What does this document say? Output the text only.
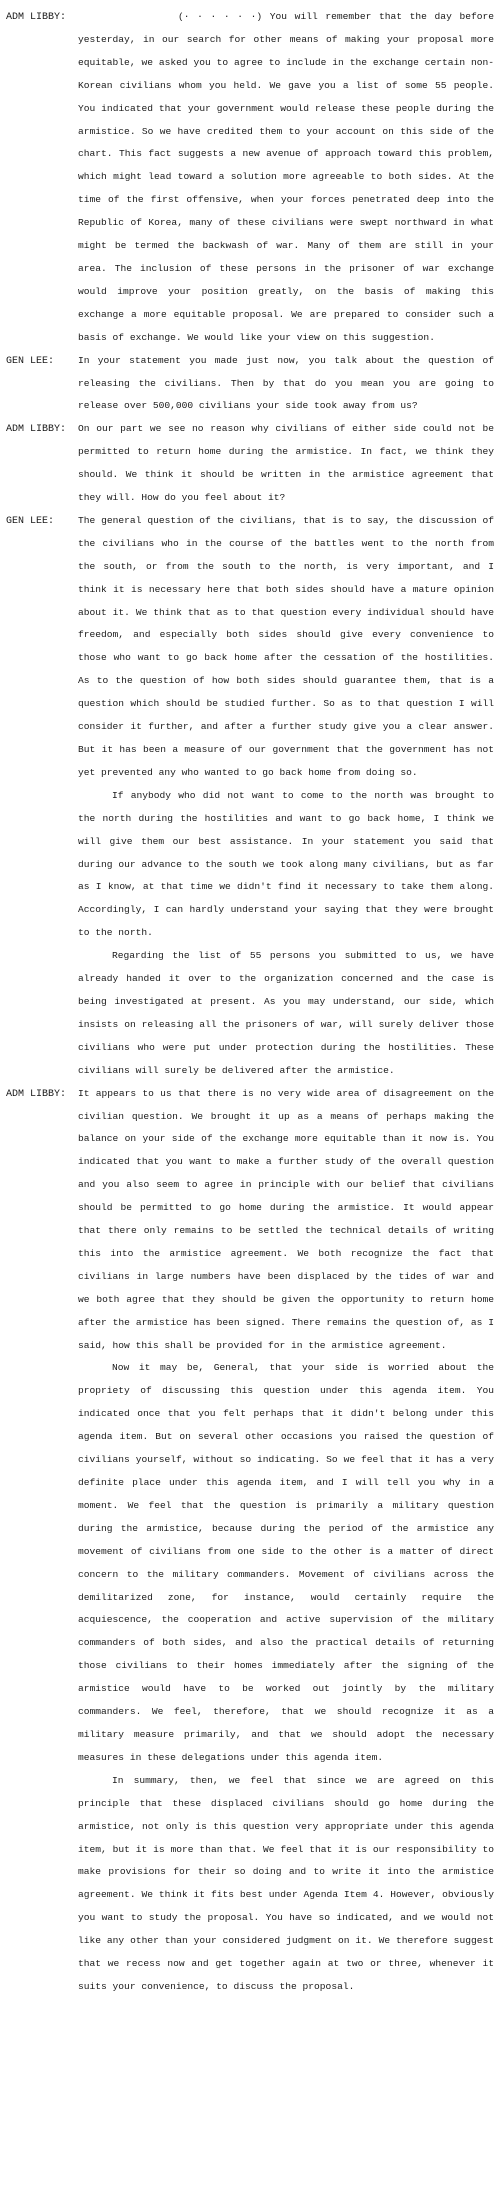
ADM LIBBY:	(· · · · · ·) You will remember that the day before yesterday, in our search for other means of making your proposal more equitable, we asked you to agree to include in the exchange certain non-Korean civilians whom you held. We gave you a list of some 55 people. You indicated that your government would release these people during the armistice. So we have credited them to your account on this side of the chart. This fact suggests a new avenue of approach toward this problem, which might lead toward a solution more agreeable to both sides. At the time of the first offensive, when your forces penetrated deep into the Republic of Korea, many of these civilians were swept northward in what might be termed the backwash of war. Many of them are still in your area. The inclusion of these persons in the prisoner of war exchange would improve your position greatly, on the basis of making this exchange a more equitable proposal. We are prepared to consider such a basis of exchange. We would like your view on this suggestion.

GEN LEE:	In your statement you made just now, you talk about the question of releasing the civilians. Then by that do you mean you are going to release over 500,000 civilians your side took away from us?

ADM LIBBY:	On our part we see no reason why civilians of either side could not be permitted to return home during the armistice. In fact, we think they should. We think it should be written in the armistice agreement that they will. How do you feel about it?

GEN LEE:	The general question of the civilians, that is to say, the discussion of the civilians who in the course of the battles went to the north from the south, or from the south to the north, is very important, and I think it is necessary here that both sides should have a mature opinion about it. We think that as to that question every individual should have freedom, and especially both sides should give every convenience to those who want to go back home after the cessation of the hostilities. As to the question of how both sides should guarantee them, that is a question which should be studied further. So as to that question I will consider it further, and after a further study give you a clear answer. But it has been a measure of our government that the government has not yet prevented any who wanted to go back home from doing so.

If anybody who did not want to come to the north was brought to the north during the hostilities and want to go back home, I think we will give them our best assistance. In your statement you said that during our advance to the south we took along many civilians, but as far as I know, at that time we didn't find it necessary to take them along. Accordingly, I can hardly understand your saying that they were brought to the north.

Regarding the list of 55 persons you submitted to us, we have already handed it over to the organization concerned and the case is being investigated at present. As you may understand, our side, which insists on releasing all the prisoners of war, will surely deliver those civilians who were put under protection during the hostilities. These civilians will surely be delivered after the armistice.

ADM LIBBY:	It appears to us that there is no very wide area of disagreement on the civilian question. We brought it up as a means of perhaps making the balance on your side of the exchange more equitable than it now is. You indicated that you want to make a further study of the overall question and you also seem to agree in principle with our belief that civilians should be permitted to go home during the armistice. It would appear that there only remains to be settled the technical details of writing this into the armistice agreement. We both recognize the fact that civilians in large numbers have been displaced by the tides of war and we both agree that they should be given the opportunity to return home after the armistice has been signed. There remains the question of, as I said, how this shall be provided for in the armistice agreement.

Now it may be, General, that your side is worried about the propriety of discussing this question under this agenda item. You indicated once that you felt perhaps that it didn't belong under this agenda item. But on several other occasions you raised the question of civilians yourself, without so indicating. So we feel that it has a very definite place under this agenda item, and I will tell you why in a moment. We feel that the question is primarily a military question during the armistice, because during the period of the armistice any movement of civilians from one side to the other is a matter of direct concern to the military commanders. Movement of civilians across the demilitarized zone, for instance, would certainly require the acquiescence, the cooperation and active supervision of the military commanders of both sides, and also the practical details of returning those civilians to their homes immediately after the signing of the armistice would have to be worked out jointly by the military commanders. We feel, therefore, that we should recognize it as a military measure primarily, and that we should adopt the necessary measures in these delegations under this agenda item.

In summary, then, we feel that since we are agreed on this principle that these displaced civilians should go home during the armistice, not only is this question very appropriate under this agenda item, but it is more than that. We feel that it is our responsibility to make provisions for their so doing and to write it into the armistice agreement. We think it fits best under Agenda Item 4. However, obviously you want to study the proposal. You have so indicated, and we would not like any other than your considered judgment on it. We therefore suggest that we recess now and get together again at two or three, whenever it suits your convenience, to discuss the proposal.
